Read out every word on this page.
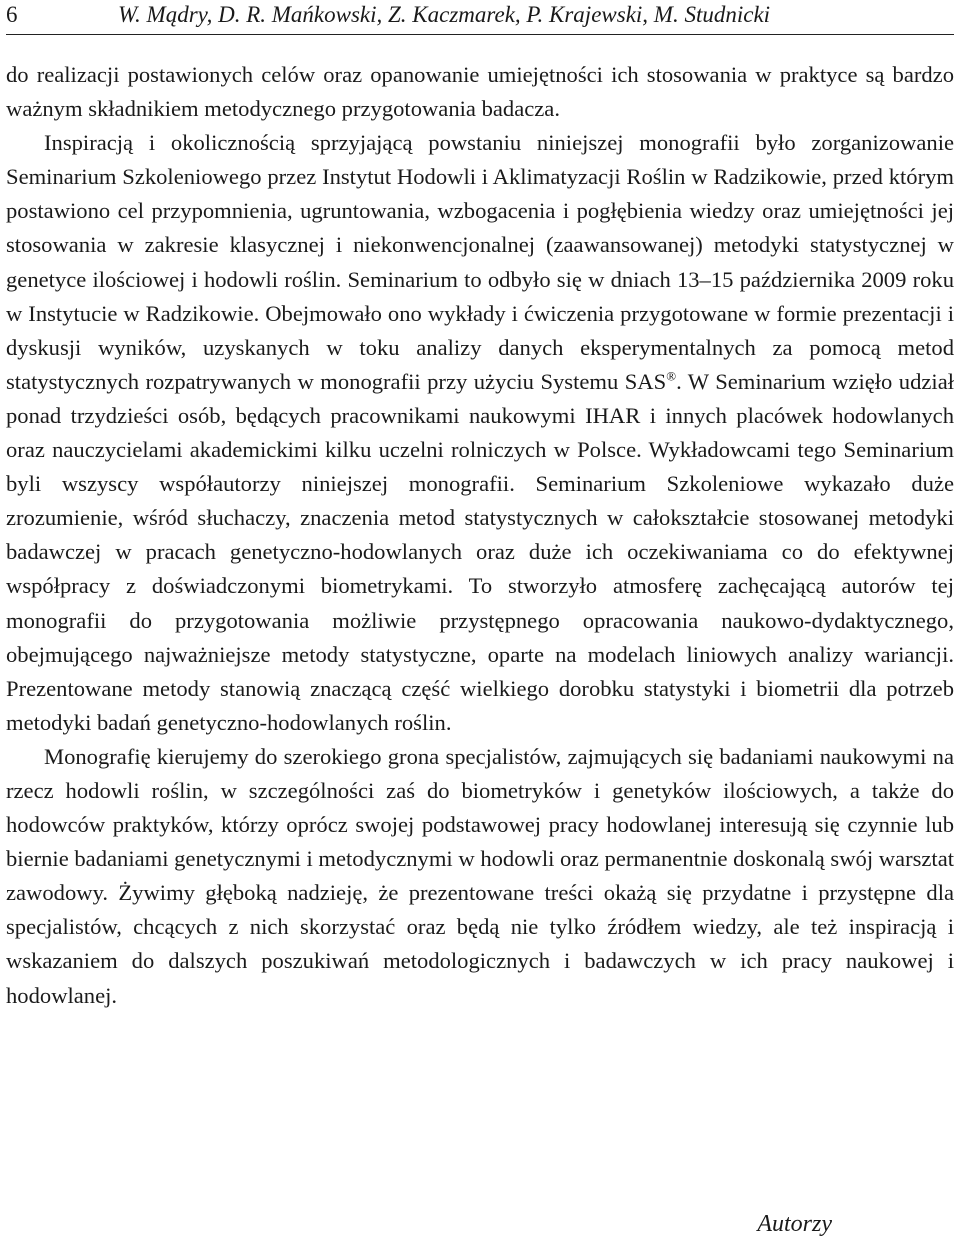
6	W. Mądry, D. R. Mańkowski, Z. Kaczmarek, P. Krajewski, M. Studnicki

do realizacji postawionych celów oraz opanowanie umiejętności ich stosowania w praktyce są bardzo ważnym składnikiem metodycznego przygotowania badacza.

Inspiracją i okolicznością sprzyjającą powstaniu niniejszej monografii było zorganizowanie Seminarium Szkoleniowego przez Instytut Hodowli i Aklimatyzacji Roślin w Radzikowie, przed którym postawiono cel przypomnienia, ugruntowania, wzbogacenia i pogłębienia wiedzy oraz umiejętności jej stosowania w zakresie klasycznej i niekonwencjonalnej (zaawansowanej) metodyki statystycznej w genetyce ilościowej i hodowli roślin. Seminarium to odbyło się w dniach 13–15 października 2009 roku w Instytucie w Radzikowie. Obejmowało ono wykłady i ćwiczenia przygotowane w formie prezentacji i dyskusji wyników, uzyskanych w toku analizy danych eksperymentalnych za pomocą metod statystycznych rozpatrywanych w monografii przy użyciu Systemu SAS®. W Seminarium wzięło udział ponad trzydzieści osób, będących pracownikami naukowymi IHAR i innych placówek hodowlanych oraz nauczycielami akademickimi kilku uczelni rolniczych w Polsce. Wykładowcami tego Seminarium byli wszyscy współautorzy niniejszej monografii. Seminarium Szkoleniowe wykazało duże zrozumienie, wśród słuchaczy, znaczenia metod statystycznych w całokształcie stosowanej metodyki badawczej w pracach genetyczno-hodowlanych oraz duże ich oczekiwaniama co do efektywnej współpracy z doświadczonymi biometrykami. To stworzyło atmosferę zachęcającą autorów tej monografii do przygotowania możliwie przystępnego opracowania naukowo-dydaktycznego, obejmującego najważniejsze metody statystyczne, oparte na modelach liniowych analizy wariancji. Prezentowane metody stanowią znaczącą część wielkiego dorobku statystyki i biometrii dla potrzeb metodyki badań genetyczno-hodowlanych roślin.

Monografię kierujemy do szerokiego grona specjalistów, zajmujących się badaniami naukowymi na rzecz hodowli roślin, w szczególności zaś do biometryków i genetyków ilościowych, a także do hodowców praktyków, którzy oprócz swojej podstawowej pracy hodowlanej interesują się czynnie lub biernie badaniami genetycznymi i metodycznymi w hodowli oraz permanentnie doskonalą swój warsztat zawodowy. Żywimy głęboką nadzieję, że prezentowane treści okażą się przydatne i przystępne dla specjalistów, chcących z nich skorzystać oraz będą nie tylko źródłem wiedzy, ale też inspiracją i wskazaniem do dalszych poszukiwań metodologicznych i badawczych w ich pracy naukowej i hodowlanej.

Autorzy
